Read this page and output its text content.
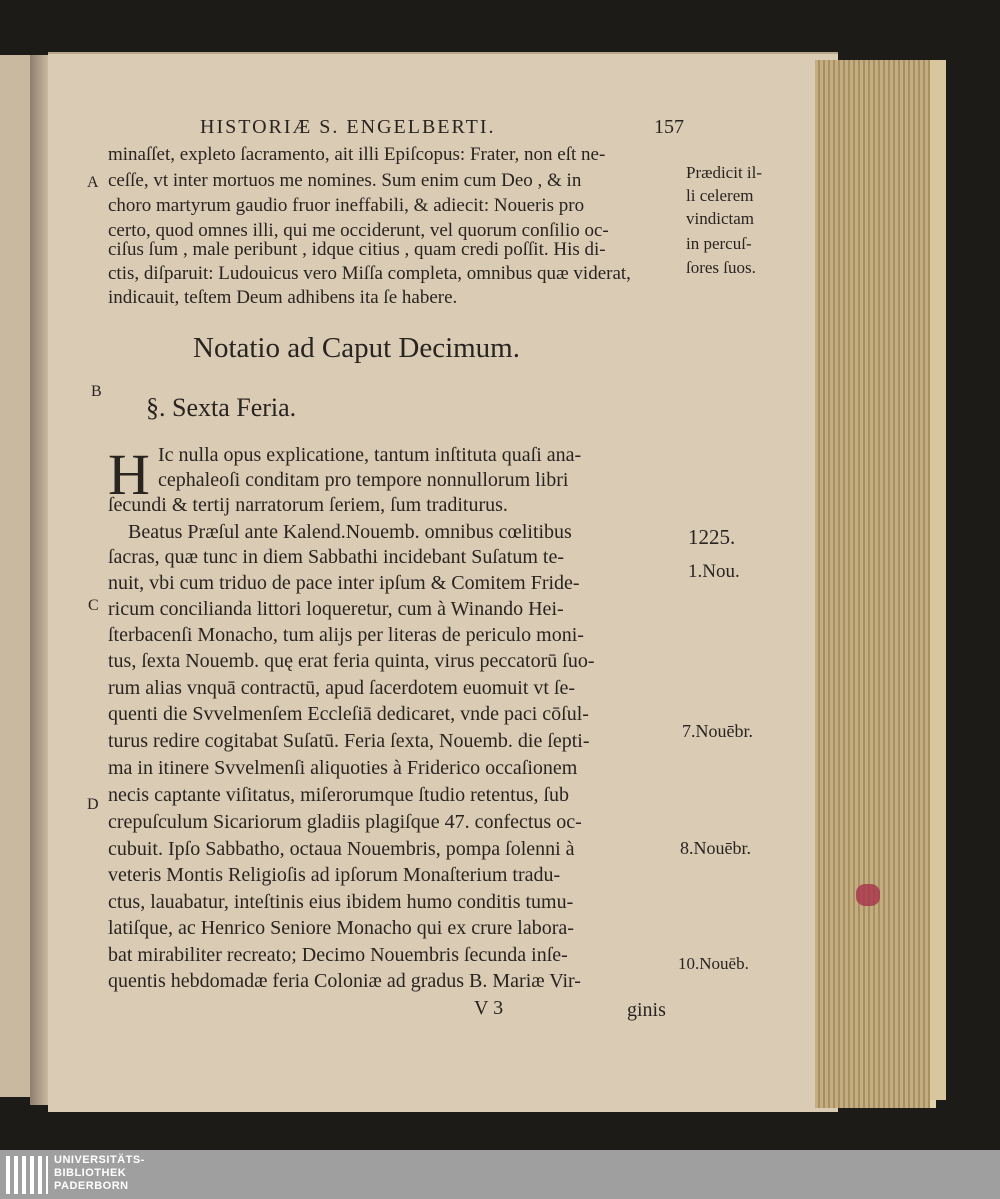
HISTORIÆ S. ENGELBERTI.	157
minaſſet, expleto ſacramento, ait illi Epiſcopus: Frater, non eſt ne-
ceſſe, vt inter mortuos me nomines. Sum enim cum Deo , & in
choro martyrum gaudio fruor ineffabili, & adiecit: Noueris pro
certo, quod omnes illi, qui me occiderunt, vel quorum conſilio oc-
ciſus ſum , male peribunt , idque citius , quam credi poſſit. His di-
ctis, diſparuit: Ludouicus vero Miſſa completa, omnibus quæ viderat,
indicauit, teſtem Deum adhibens ita ſe habere.
A
B
C
D
Prædicit il-
li celerem
vindictam
in percuſ-
ſores ſuos.
Notatio ad Caput Decimum.
§. Sexta Feria.
H Ic nulla opus explicatione, tantum inſtituta quaſi ana-
cephaleoſi conditam pro tempore nonnullorum libri
ſecundi & tertij narratorum ſeriem, ſum traditurus.
Beatus Præſul ante Kalend.Nouemb. omnibus cœlitibus
ſacras, quæ tunc in diem Sabbathi incidebant Suſatum te-
nuit, vbi cum triduo de pace inter ipſum & Comitem Fride-
ricum concilianda littori loqueretur, cum à Winando Hei-
ſterbacenſi Monacho, tum alijs per literas de periculo moni-
tus, ſexta Nouemb. quę erat feria quinta, virus peccatorū ſuo-
rum alias vnquā contractū, apud ſacerdotem euomuit vt ſe-
quenti die Svvelmenſem Eccleſiā dedicaret, vnde paci cōſul-
turus redire cogitabat Suſatū. Feria ſexta, Nouemb. die ſepti-
ma in itinere Svvelmenſi aliquoties à Friderico occaſionem
necis captante viſitatus, miſerorumque ſtudio retentus, ſub
crepuſculum Sicariorum gladiis plagiſque 47. confectus oc-
cubuit. Ipſo Sabbatho, octaua Nouembris, pompa ſolenni à
veteris Montis Religioſis ad ipſorum Monaſterium tradu-
ctus, lauabatur, inteſtinis eius ibidem humo conditis tumu-
latiſque, ac Henrico Seniore Monacho qui ex crure labora-
bat mirabiliter recreato; Decimo Nouembris ſecunda inſe-
quentis hebdomadæ feria Coloniæ ad gradus B. Mariæ Vir-
1225.
1.Nou.
7.Nouēbr.
8.Nouēbr.
10.Nouēb.
V 3	ginis
UNIVERSITÄTS-
BIBLIOTHEK
PADERBORN
